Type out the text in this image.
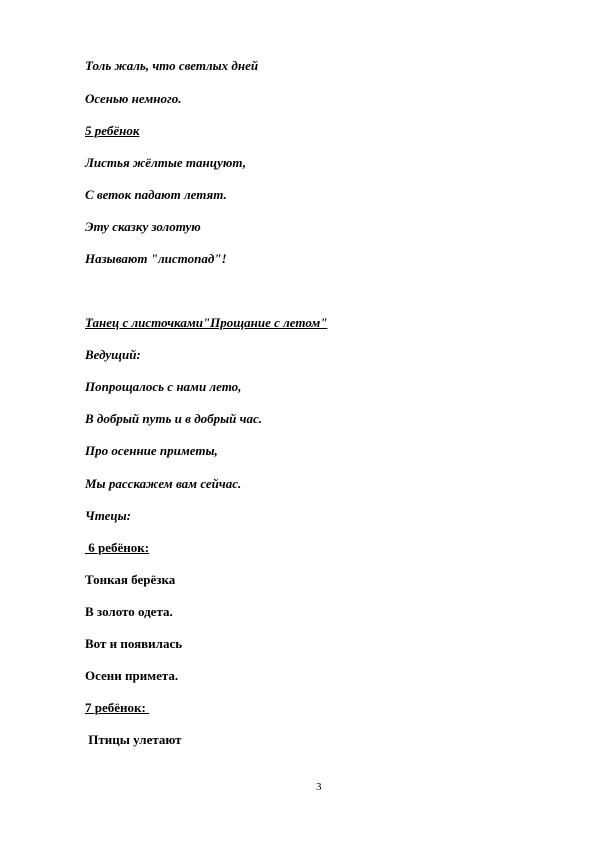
Толь жаль, что светлых дней
Осенью немного.
5 ребёнок
Листья жёлтые танцуют,
С веток падают летят.
Эту сказку золотую
Называют "листопад"!
Танец с листочками"Прощание с летом"
Ведущий:
Попрощалось с нами лето,
В добрый путь и в добрый час.
Про осенние приметы,
Мы расскажем вам сейчас.
Чтецы:
6 ребёнок:
Тонкая берёзка
В золото одета.
Вот и появилась
Осени примета.
7 ребёнок:
Птицы улетают
3
